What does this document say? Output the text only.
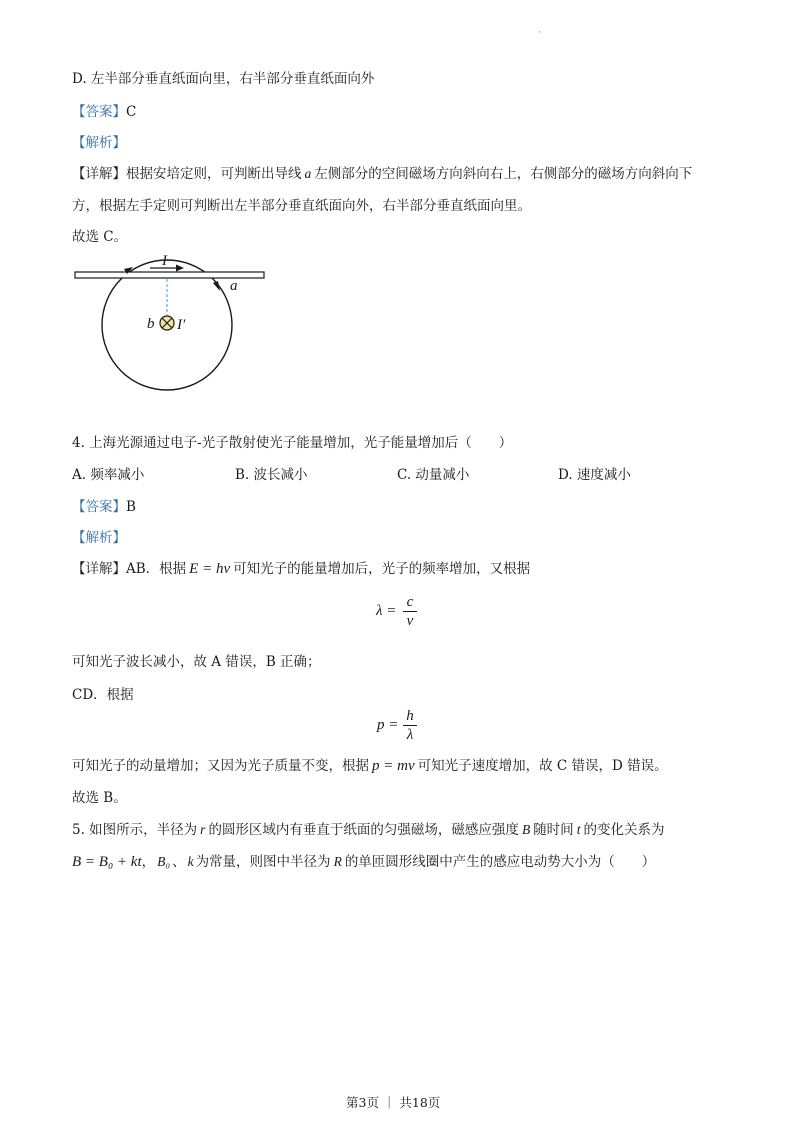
·
D. 左半部分垂直纸面向里，右半部分垂直纸面向外
【答案】C
【解析】
【详解】根据安培定则，可判断出导线 a 左侧部分的空间磁场方向斜向右上，右侧部分的磁场方向斜向下
方，根据左手定则可判断出左半部分垂直纸面向外，右半部分垂直纸面向里。
故选 C。
I
a
b I′
4. 上海光源通过电子-光子散射使光子能量增加，光子能量增加后（　　）
A. 频率减小	B. 波长减小	C. 动量减小	D. 速度减小
【答案】B
【解析】
【详解】AB．根据 E = hν 可知光子的能量增加后，光子的频率增加，又根据
λ =
c
ν
可知光子波长减小，故 A 错误，B 正确；
CD．根据
p =
h
λ
可知光子的动量增加；又因为光子质量不变，根据 p = mv 可知光子速度增加，故 C 错误，D 错误。
故选 B。
5. 如图所示，半径为 r 的圆形区域内有垂直于纸面的匀强磁场，磁感应强度 B 随时间 t 的变化关系为
B = B₀ + kt， B₀ 、 k 为常量，则图中半径为 R 的单匝圆形线圈中产生的感应电动势大小为（　　）
第3页 ｜ 共18页
